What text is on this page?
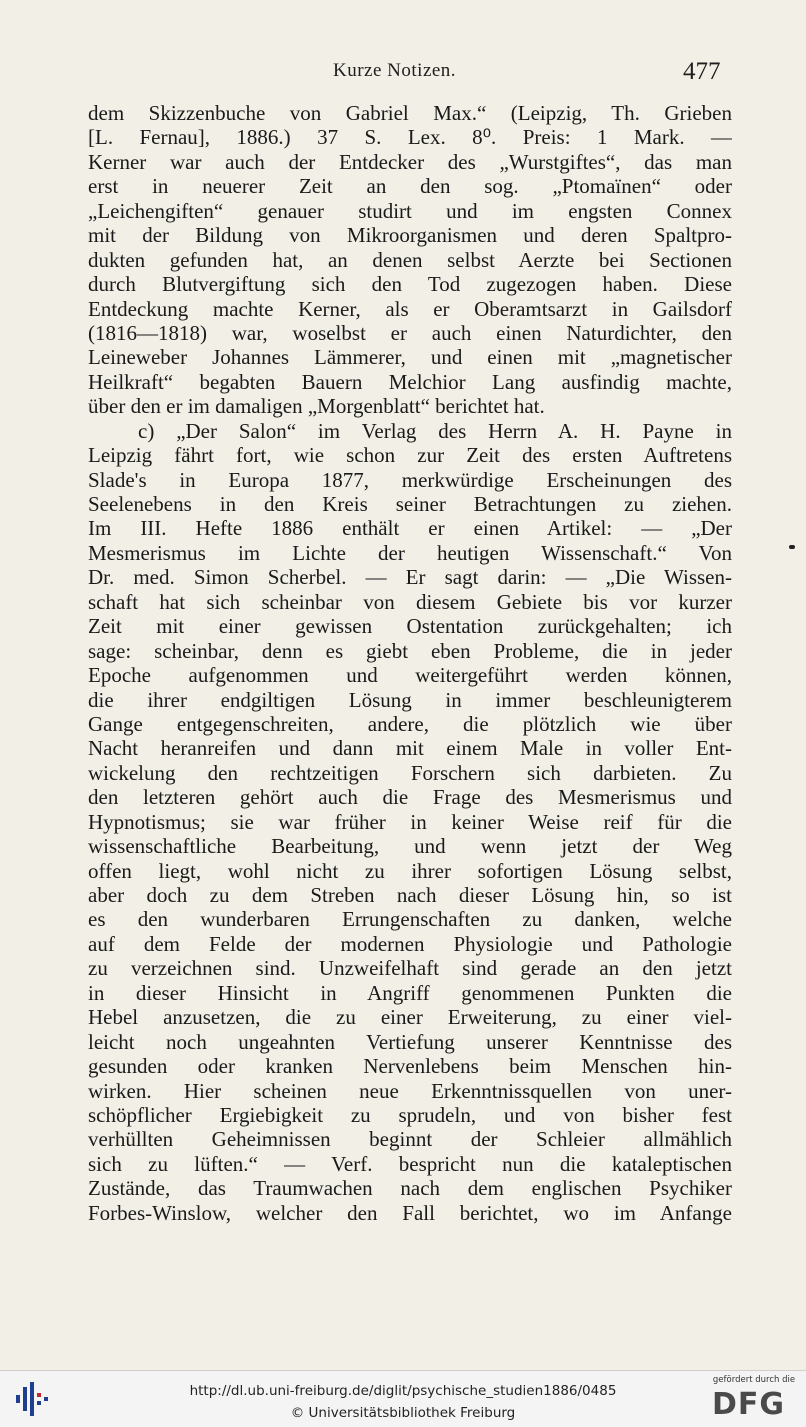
Kurze Notizen.	477
dem Skizzenbuche von Gabriel Max.“ (Leipzig, Th. Grieben
[L. Fernau], 1886.) 37 S. Lex. 8⁰. Preis: 1 Mark. —
Kerner war auch der Entdecker des „Wurstgiftes“, das man
erst in neuerer Zeit an den sog. „Ptomaïnen“ oder
„Leichengiften“ genauer studirt und im engsten Connex
mit der Bildung von Mikroorganismen und deren Spaltpro-
dukten gefunden hat, an denen selbst Aerzte bei Sectionen
durch Blutvergiftung sich den Tod zugezogen haben. Diese
Entdeckung machte Kerner, als er Oberamtsarzt in Gailsdorf
(1816—1818) war, woselbst er auch einen Naturdichter, den
Leineweber Johannes Lämmerer, und einen mit „magnetischer
Heilkraft“ begabten Bauern Melchior Lang ausfindig machte,
über den er im damaligen „Morgenblatt“ berichtet hat.
c) „Der Salon“ im Verlag des Herrn A. H. Payne in
Leipzig fährt fort, wie schon zur Zeit des ersten Auftretens
Slade's in Europa 1877, merkwürdige Erscheinungen des
Seelenebens in den Kreis seiner Betrachtungen zu ziehen.
Im III. Hefte 1886 enthält er einen Artikel: — „Der
Mesmerismus im Lichte der heutigen Wissenschaft.“ Von
Dr. med. Simon Scherbel. — Er sagt darin: — „Die Wissen-
schaft hat sich scheinbar von diesem Gebiete bis vor kurzer
Zeit mit einer gewissen Ostentation zurückgehalten; ich
sage: scheinbar, denn es giebt eben Probleme, die in jeder
Epoche aufgenommen und weitergeführt werden können,
die ihrer endgiltigen Lösung in immer beschleunigterem
Gange entgegenschreiten, andere, die plötzlich wie über
Nacht heranreifen und dann mit einem Male in voller Ent-
wickelung den rechtzeitigen Forschern sich darbieten. Zu
den letzteren gehört auch die Frage des Mesmerismus und
Hypnotismus; sie war früher in keiner Weise reif für die
wissenschaftliche Bearbeitung, und wenn jetzt der Weg
offen liegt, wohl nicht zu ihrer sofortigen Lösung selbst,
aber doch zu dem Streben nach dieser Lösung hin, so ist
es den wunderbaren Errungenschaften zu danken, welche
auf dem Felde der modernen Physiologie und Pathologie
zu verzeichnen sind. Unzweifelhaft sind gerade an den jetzt
in dieser Hinsicht in Angriff genommenen Punkten die
Hebel anzusetzen, die zu einer Erweiterung, zu einer viel-
leicht noch ungeahnten Vertiefung unserer Kenntnisse des
gesunden oder kranken Nervenlebens beim Menschen hin-
wirken. Hier scheinen neue Erkenntnissquellen von uner-
schöpflicher Ergiebigkeit zu sprudeln, und von bisher fest
verhüllten Geheimnissen beginnt der Schleier allmählich
sich zu lüften.“ — Verf. bespricht nun die kataleptischen
Zustände, das Traumwachen nach dem englischen Psychiker
Forbes-Winslow, welcher den Fall berichtet, wo im Anfange
http://dl.ub.uni-freiburg.de/diglit/psychische_studien1886/0485
© Universitätsbibliothek Freiburg
gefördert durch die
DFG
